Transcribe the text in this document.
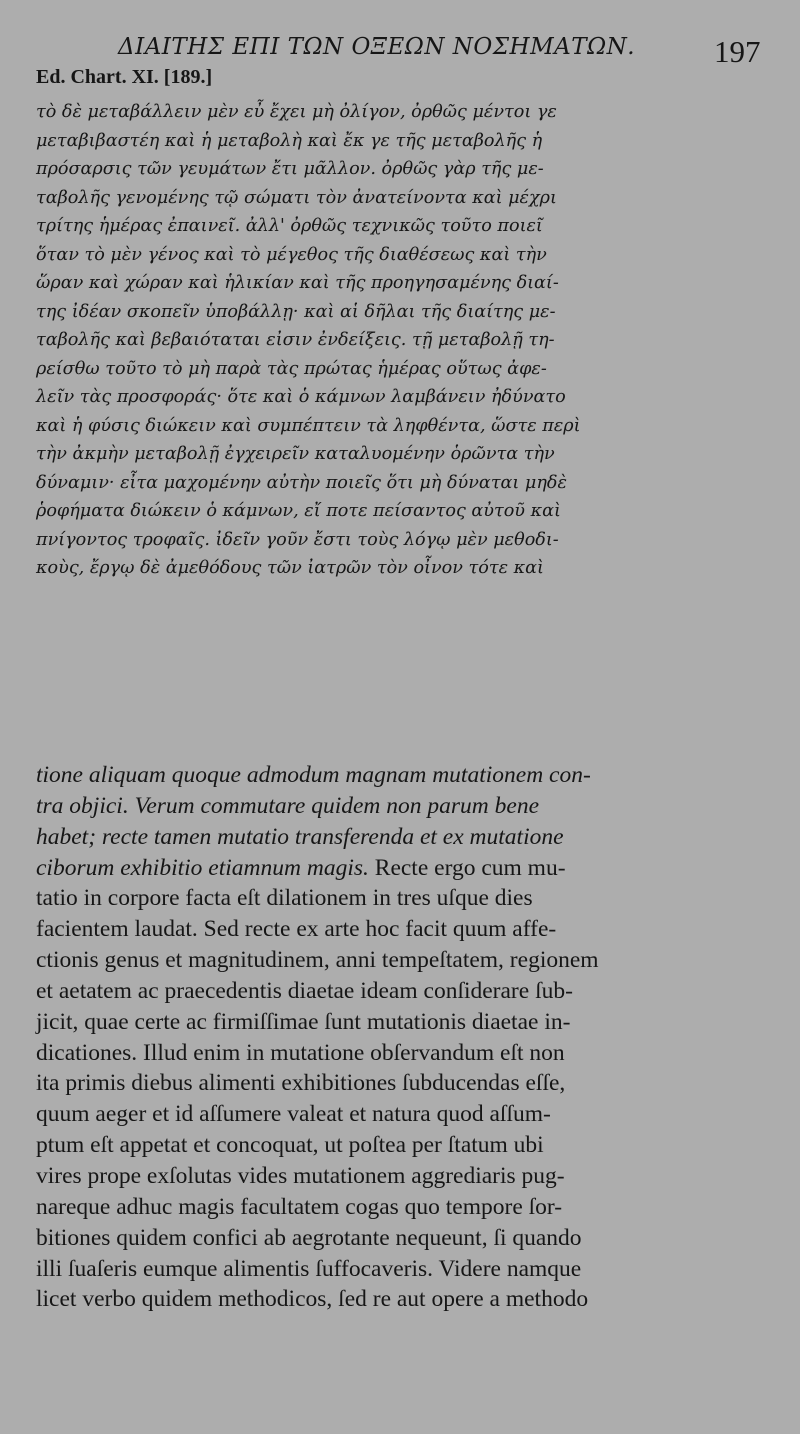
ΔΙΑΙΤΗΣ ΕΠΙ ΤΩΝ ΟΞΕΩΝ ΝΟΣΗΜΑΤΩΝ.	197
Ed. Chart. XI. [189.]
τὸ δὲ μεταβάλλειν μὲν εὖ ἔχει μὴ ὀλίγον, ὀρθῶς μέντοι γε
μεταβιβαστέη καὶ ἡ μεταβολὴ καὶ ἔκ γε τῆς μεταβολῆς ἡ
πρόσαρσις τῶν γευμάτων ἔτι μᾶλλον. ὀρθῶς γὰρ τῆς με-
ταβολῆς γενομένης τῷ σώματι τὸν ἀνατείνοντα καὶ μέχρι
τρίτης ἡμέρας ἐπαινεῖ. ἀλλ' ὀρθῶς τεχνικῶς τοῦτο ποιεῖ
ὅταν τὸ μὲν γένος καὶ τὸ μέγεθος τῆς διαθέσεως καὶ τὴν
ὥραν καὶ χώραν καὶ ἡλικίαν καὶ τῆς προηγησαμένης διαί-
της ἰδέαν σκοπεῖν ὑποβάλλῃ· καὶ αἱ δῆλαι τῆς διαίτης με-
ταβολῆς καὶ βεβαιόταται εἰσιν ἐνδείξεις. τῇ μεταβολῇ τη-
ρείσθω τοῦτο τὸ μὴ παρὰ τὰς πρώτας ἡμέρας οὕτως ἀφε-
λεῖν τὰς προσφοράς· ὅτε καὶ ὁ κάμνων λαμβάνειν ἠδύνατο
καὶ ἡ φύσις διώκειν καὶ συμπέπτειν τὰ ληφθέντα, ὥστε περὶ
τὴν ἀκμὴν μεταβολῇ ἐγχειρεῖν καταλυομένην ὁρῶντα τὴν
δύναμιν· εἶτα μαχομένην αὐτὴν ποιεῖς ὅτι μὴ δύναται μηδὲ
ῥοφήματα διώκειν ὁ κάμνων, εἴ ποτε πείσαντος αὐτοῦ καὶ
πνίγοντος τροφαῖς. ἰδεῖν γοῦν ἔστι τοὺς λόγῳ μὲν μεθοδι-
κοὺς, ἔργῳ δὲ ἀμεθόδους τῶν ἰατρῶν τὸν οἶνον τότε καὶ
tione aliquam quoque admodum magnam mutationem con-
tra objici. Verum commutare quidem non parum bene
habet; recte tamen mutatio transferenda et ex mutatione
ciborum exhibitio etiamnum magis. Recte ergo cum mu-
tatio in corpore facta eſt dilationem in tres uſque dies
facientem laudat. Sed recte ex arte hoc facit quum affe-
ctionis genus et magnitudinem, anni tempeſtatem, regionem
et aetatem ac praecedentis diaetae ideam conſiderare ſub-
jicit, quae certe ac firmiſſimae ſunt mutationis diaetae in-
dicationes. Illud enim in mutatione obſervandum eſt non
ita primis diebus alimenti exhibitiones ſubducendas eſſe,
quum aeger et id aſſumere valeat et natura quod aſſum-
ptum eſt appetat et concoquat, ut poſtea per ſtatum ubi
vires prope exſolutas vides mutationem aggrediaris pug-
nareque adhuc magis facultatem cogas quo tempore ſor-
bitiones quidem confici ab aegrotante nequeunt, ſi quando
illi ſuaſeris eumque alimentis ſuffocaveris. Videre namque
licet verbo quidem methodicos, ſed re aut opere a methodo
